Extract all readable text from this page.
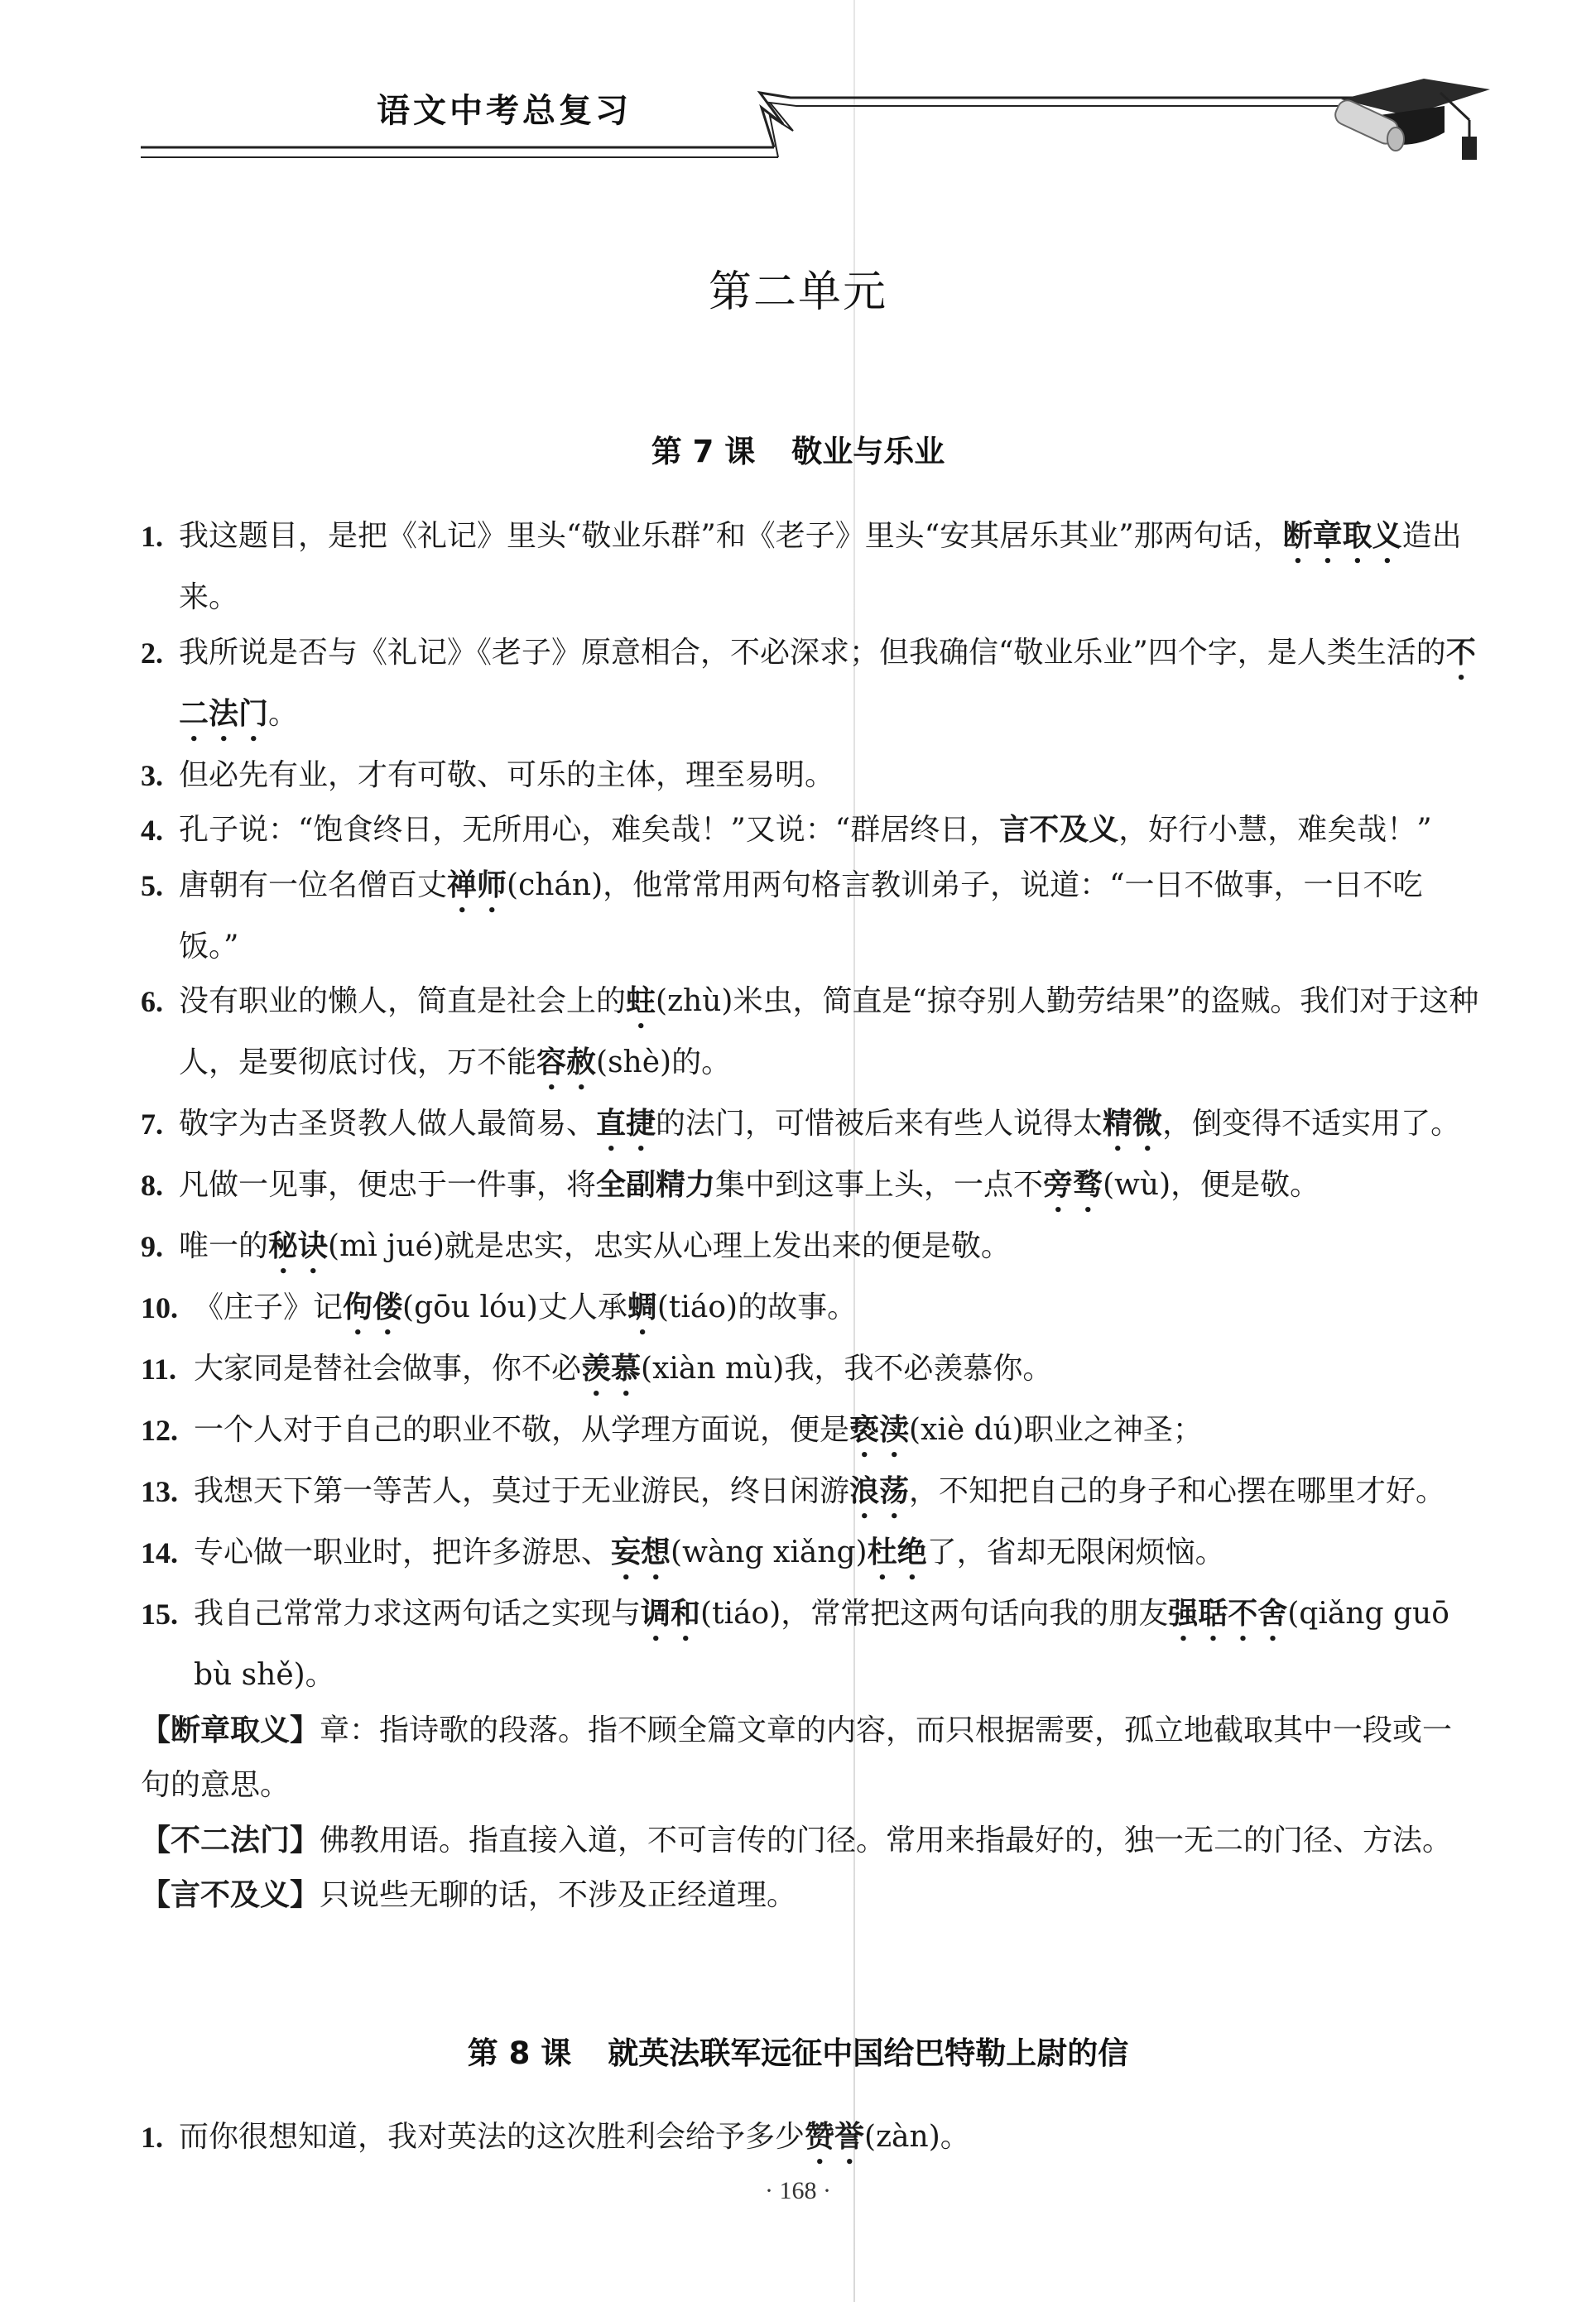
语文中考总复习
第二单元
第 7 课 敬业与乐业
1. 我这题目，是把《礼记》里头“敬业乐群”和《老子》里头“安其居乐其业”那两句话，断章取义造出来。
2. 我所说是否与《礼记》《老子》原意相合，不必深求；但我确信“敬业乐业”四个字，是人类生活的不二法门。
3. 但必先有业，才有可敬、可乐的主体，理至易明。
4. 孔子说：“饱食终日，无所用心，难矣哉！”又说：“群居终日，言不及义，好行小慧，难矣哉！”
5. 唐朝有一位名僧百丈禅师(chán)，他常常用两句格言教训弟子，说道：“一日不做事，一日不吃饭。”
6. 没有职业的懒人，简直是社会上的蛀(zhù)米虫，简直是“掠夺别人勤劳结果”的盗贼。我们对于这种人，是要彻底讨伐，万不能容赦(shè)的。
7. 敬字为古圣贤教人做人最简易、直捷的法门，可惜被后来有些人说得太精微，倒变得不适实用了。
8. 凡做一见事，便忠于一件事，将全副精力集中到这事上头，一点不旁骛(wù)，便是敬。
9. 唯一的秘诀(mì jué)就是忠实，忠实从心理上发出来的便是敬。
10. 《庄子》记佝偻(gōu lóu)丈人承蜩(tiáo)的故事。
11. 大家同是替社会做事，你不必羡慕(xiàn mù)我，我不必羡慕你。
12. 一个人对于自己的职业不敬，从学理方面说，便是亵渎(xiè dú)职业之神圣；
13. 我想天下第一等苦人，莫过于无业游民，终日闲游浪荡，不知把自己的身子和心摆在哪里才好。
14. 专心做一职业时，把许多游思、妄想(wàng xiǎng)杜绝了，省却无限闲烦恼。
15. 我自己常常力求这两句话之实现与调和(tiáo)，常常把这两句话向我的朋友强聒不舍(qiǎng guō bù shě)。
【断章取义】章：指诗歌的段落。指不顾全篇文章的内容，而只根据需要，孤立地截取其中一段或一句的意思。
【不二法门】佛教用语。指直接入道，不可言传的门径。常用来指最好的，独一无二的门径、方法。
【言不及义】只说些无聊的话，不涉及正经道理。
第 8 课 就英法联军远征中国给巴特勒上尉的信
1. 而你很想知道，我对英法的这次胜利会给予多少赞誉(zàn)。
· 168 ·
